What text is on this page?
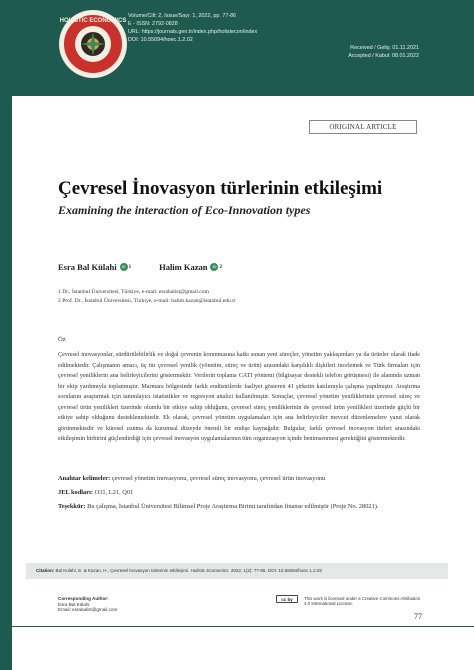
HOLISTIC ECONOMICS
Volume/Cilt: 2, Issue/Sayı: 1, 2022, pp. 77-86
E - ISSN: 2792-0828
URL: https://journals.gen.tr/index.php/holistecon/index
DOI: 10.55094/hoec.1.2.02
Received / Geliş: 01.11.2021
Accepted / Kabul: 08.01.2022
ORIGINAL ARTICLE
Çevresel İnovasyon türlerinin etkileşimi
Examining the interaction of Eco-Innovation types
Esra Bal Külahi	iD 1	Halim Kazan	iD 2
1 Dr., İstanbul Üniversitesi, Türkiye, e-mail: esrabalist@gmail.com
2 Prof. Dr., İstanbul Üniversitesi, Türkiye, e-mail: halim.kazan@istanbul.edu.tr
Öz
Çevresel inovasyonlar, sürdürülebilirlik ve doğal çevrenin korunmasına katkı sunan yeni süreçler, yönetim yaklaşımları ya da ürünler olarak ifade edilmektedir. Çalışmanın amacı, üç tür çevresel yenilik (yönetim, süreç ve ürün) arasındaki karşılıklı ilişkileri incelemek ve Türk firmaları için çevresel yeniliklerin ana belirleyicilerini göstermektir. Verilerin toplama CATI yöntemi (bilgisayar destekli telefon görüşmesi) ile alanında uzman bir ekip yardımıyla toplanmıştır. Marmara bölgesinde farklı endüstrilerde faaliyet gösteren 41 şirketin katılımıyla çalışma yapılmıştır. Araştırma sorularını araştırmak için tanımlayıcı istatistikler ve regresyon analizi kullanılmıştır. Sonuçlar, çevresel yönetim yeniliklerinin çevresel süreç ve çevresel ürün yenilikleri üzerinde olumlu bir etkiye sahip olduğunu, çevresel süreç yeniliklerinin de çevresel ürün yenilikleri üzerinde güçlü bir etkiye sahip olduğunu desteklemektedir. Ek olarak, çevresel yönetim uygulamaları için ana belirleyiciler mevcut düzenlemelere yanıt olarak görünmektedir ve küresel ısınma da kurumsal düzeyde önemli bir endişe kaynağıdır. Bulgular, farklı çevresel inovasyon türleri arasındaki etkileşimin birbirini güçlendirdiği için çevresel inovasyon uygulamalarının tüm organizasyon içinde benimsenmesi gerektiğini göstermektedir.
Anahtar kelimeler: çevresel yönetim inovasyonu, çevresel süreç inovasyonu, çevresel ürün inovasyonu
JEL kodları: O31, L21, Q01
Teşekkür: Bu çalışma, İstanbul Üniversitesi Bilimsel Proje Araştırma Birimi tarafından finanse edilmiştir (Proje No. 28021).
Citation: Bal Külahi, E. & Kazan, H., Çevresel İnovasyon türlerinin etkileşimi. Holistic Economics. 2022; 1(2): 77-86. DOI: 10.55094/hoec.1.2.02
Corresponding Author:
Esra Bal Külahi
Email: esrabalist@gmail.com
cc by	This work is licensed under a Creative Commons Attribution 4.0 International License.
77
